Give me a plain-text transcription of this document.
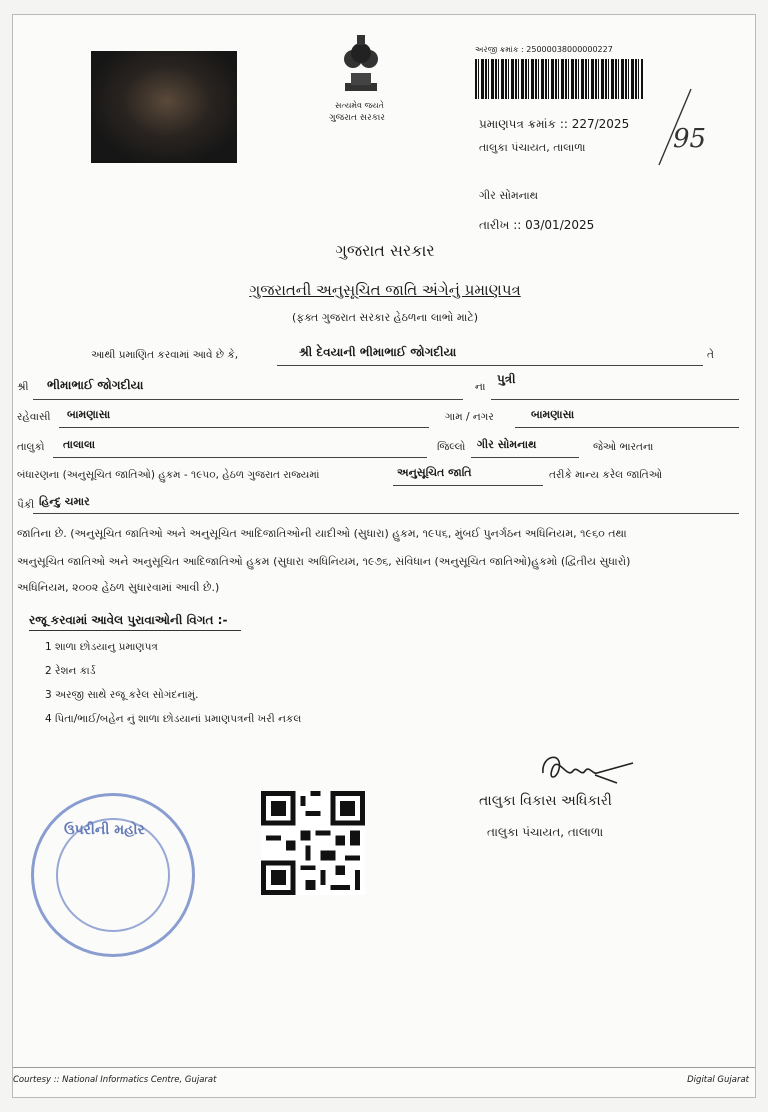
સત્યમેવ જયતે
ગુજરાત સરકાર
અરજી ક્રમાંક : 25000038000000227
પ્રમાણપત્ર ક્રમાંક :: 227/2025
તાલુકા પંચાયત, તાલાળા
ગીર સોમનાથ
તારીખ :: 03/01/2025
95
ગુજરાત સરકાર
ગુજરાતની અનુસૂચિત જાતિ અંગેનું પ્રમાણપત્ર
(ફક્ત ગુજરાત સરકાર હેઠળના લાભો માટે)
આથી પ્રમાણિત કરવામાં આવે છે કે,	શ્રી દેવયાની ભીમાભાઈ જોગદીયા	તે
શ્રી ભીમાભાઈ જોગદીયા	ના
પુત્રી
રહેવાસી બામણાસા	ગામ / નગર	બામણાસા
તાલુકો તાલાલા	જિલ્લો ગીર સોમનાથ	જેઓ ભારતના
બંધારણના (અનુસૂચિત જાતિઓ) હુકમ - ૧૯૫૦, હેઠળ ગુજરાત રાજ્યમાં	અનુસૂચિત જાતિ	તરીકે માન્ય કરેલ જાતિઓ
પૈકી હિન્દુ ચમાર
જાતિના છે. (અનુસૂચિત જાતિઓ અને અનુસૂચિત આદિજાતિઓની યાદીઓ (સુધારા) હુકમ, ૧૯૫૬, મુંબઈ પુનર્ગઠન અધિનિયમ, ૧૯૬૦ તથા
અનુસૂચિત જાતિઓ અને અનુસૂચિત આદિજાતિઓ હુકમ (સુધારા અધિનિયમ, ૧૯૭૬, સંવિધાન (અનુસૂચિત જાતિઓ)હુકમો (દ્વિતીય સુધારો)
અધિનિયમ, ૨૦૦૨ હેઠળ સુધારવામાં આવી છે.)
રજૂ કરવામાં આવેલ પુરાવાઓની વિગત :-
1 શાળા છોડયાનુ પ્રમાણપત્ર
2 રેશન કાર્ડ
3 અરજી સાથે રજૂ કરેલ સોગંદનામું.
4 પિતા/ભાઈ/બહેન નું શાળા છોડયાનાં પ્રમાણપત્રની ખરી નકલ
તાલુકા વિકાસ અધિકારી
તાલુકા પંચાયત, તાલાળા
ઉપરીની મહોર
Courtesy :: National Informatics Centre, Gujarat	Digital Gujarat
